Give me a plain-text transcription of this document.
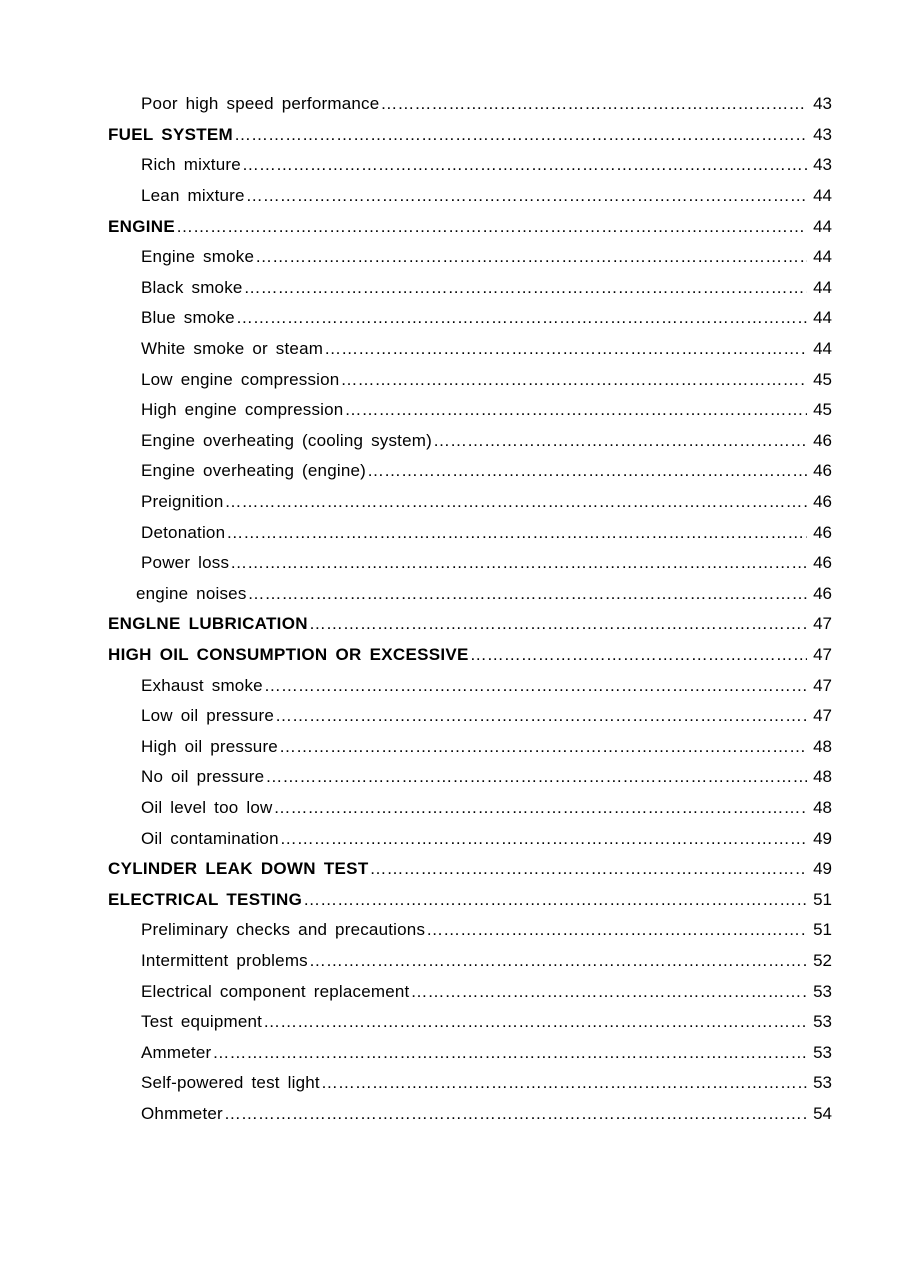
Poor high speed performance ……………………………………………………………………………………………………………………………………………………………………………………	43
FUEL SYSTEM ……………………………………………………………………………………………………………………………………………………………………………………	43
Rich mixture ……………………………………………………………………………………………………………………………………………………………………………………	43
Lean mixture ……………………………………………………………………………………………………………………………………………………………………………………	44
ENGINE ……………………………………………………………………………………………………………………………………………………………………………………	44
Engine smoke ……………………………………………………………………………………………………………………………………………………………………………………	44
Black smoke ……………………………………………………………………………………………………………………………………………………………………………………	44
Blue smoke ……………………………………………………………………………………………………………………………………………………………………………………	44
White smoke or steam ……………………………………………………………………………………………………………………………………………………………………………………	44
Low engine compression ……………………………………………………………………………………………………………………………………………………………………………………	45
High engine compression ……………………………………………………………………………………………………………………………………………………………………………………	45
Engine overheating (cooling system) ……………………………………………………………………………………………………………………………………………………………………………………	46
Engine overheating (engine) ……………………………………………………………………………………………………………………………………………………………………………………	46
Preignition ……………………………………………………………………………………………………………………………………………………………………………………	46
Detonation ……………………………………………………………………………………………………………………………………………………………………………………	46
Power loss ……………………………………………………………………………………………………………………………………………………………………………………	46
engine noises ……………………………………………………………………………………………………………………………………………………………………………………	46
ENGLNE LUBRICATION ……………………………………………………………………………………………………………………………………………………………………………………	47
HIGH OIL CONSUMPTION OR EXCESSIVE ……………………………………………………………………………………………………………………………………………………………………………………	47
Exhaust smoke ……………………………………………………………………………………………………………………………………………………………………………………	47
Low oil pressure ……………………………………………………………………………………………………………………………………………………………………………………	47
High oil pressure ……………………………………………………………………………………………………………………………………………………………………………………	48
No oil pressure ……………………………………………………………………………………………………………………………………………………………………………………	48
Oil level too low ……………………………………………………………………………………………………………………………………………………………………………………	48
Oil contamination ……………………………………………………………………………………………………………………………………………………………………………………	49
CYLINDER LEAK DOWN TEST ……………………………………………………………………………………………………………………………………………………………………………………	49
ELECTRICAL TESTING ……………………………………………………………………………………………………………………………………………………………………………………	51
Preliminary checks and precautions ……………………………………………………………………………………………………………………………………………………………………………………	51
Intermittent problems ……………………………………………………………………………………………………………………………………………………………………………………	52
Electrical component replacement ……………………………………………………………………………………………………………………………………………………………………………………	53
Test equipment ……………………………………………………………………………………………………………………………………………………………………………………	53
Ammeter ……………………………………………………………………………………………………………………………………………………………………………………	53
Self-powered test light ……………………………………………………………………………………………………………………………………………………………………………………	53
Ohmmeter ……………………………………………………………………………………………………………………………………………………………………………………	54
